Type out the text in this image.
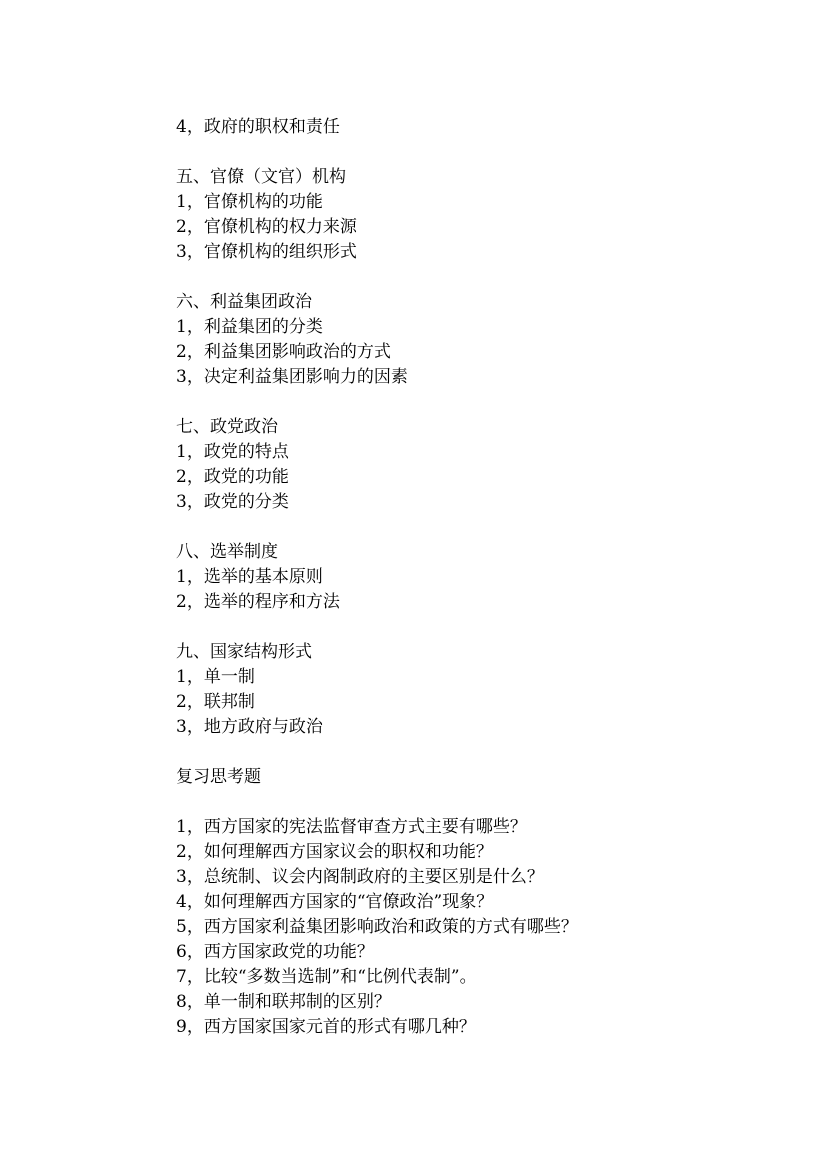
4，政府的职权和责任
五、官僚（文官）机构
1，官僚机构的功能
2，官僚机构的权力来源
3，官僚机构的组织形式
六、利益集团政治
1，利益集团的分类
2，利益集团影响政治的方式
3，决定利益集团影响力的因素
七、政党政治
1，政党的特点
2，政党的功能
3，政党的分类
八、选举制度
1，选举的基本原则
2，选举的程序和方法
九、国家结构形式
1，单一制
2，联邦制
3，地方政府与政治
复习思考题
1，西方国家的宪法监督审查方式主要有哪些？
2，如何理解西方国家议会的职权和功能？
3，总统制、议会内阁制政府的主要区别是什么？
4，如何理解西方国家的“官僚政治”现象？
5，西方国家利益集团影响政治和政策的方式有哪些？
6，西方国家政党的功能？
7，比较“多数当选制”和“比例代表制”。
8，单一制和联邦制的区别？
9，西方国家国家元首的形式有哪几种？
